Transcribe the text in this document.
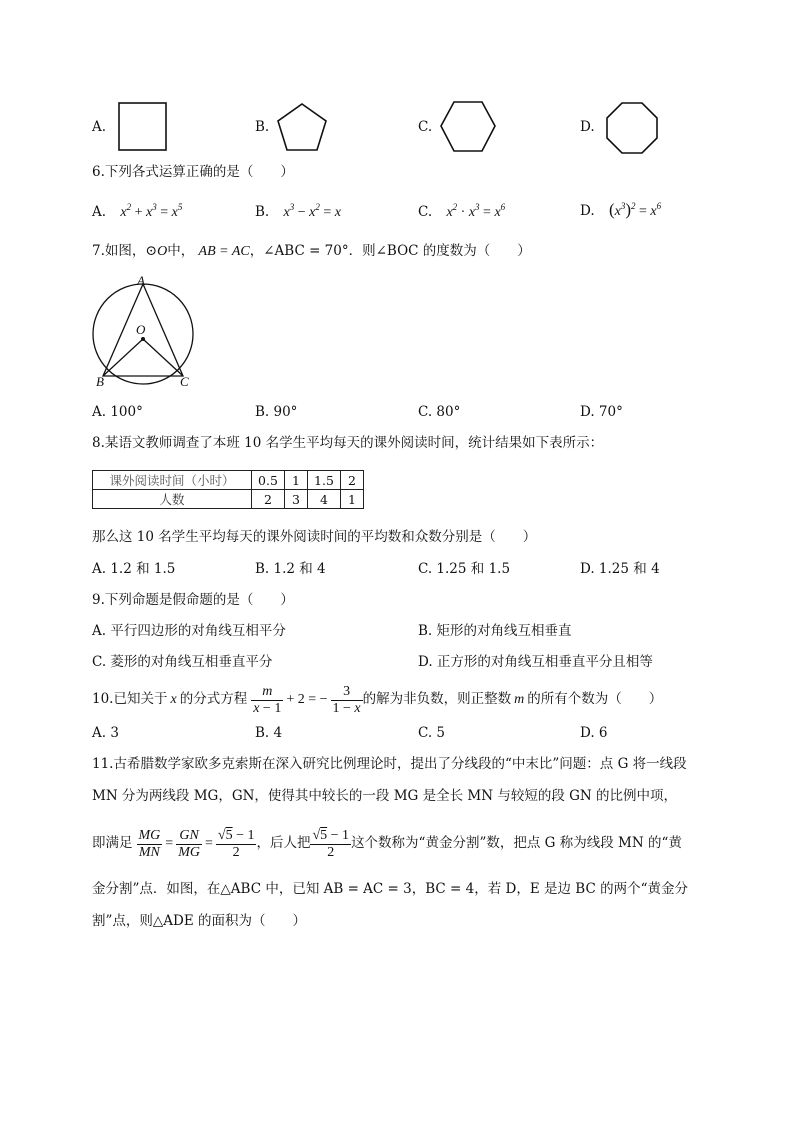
A.	B.	C.	D.
6.下列各式运算正确的是（　　）
A. $x^2 + x^3 = x^5$	B. $x^3 - x^2 = x$	C. $x^2 \cdot x^3 = x^6$	D. $(x^3)^2 = x^6$
7.如图，⊙O中， AB = AC，∠ABC = 70°．则∠BOC 的度数为（　　）
A
O
B	C
A. 100°	B. 90°	C. 80°	D. 70°
8.某语文教师调查了本班 10 名学生平均每天的课外阅读时间，统计结果如下表所示：
课外阅读时间（小时）	0.5	1	1.5	2
人数	2	3	4	1
那么这 10 名学生平均每天的课外阅读时间的平均数和众数分别是（　　）
A. 1.2 和 1.5	B. 1.2 和 4	C. 1.25 和 1.5	D. 1.25 和 4
9.下列命题是假命题的是（　　）
A. 平行四边形的对角线互相平分	B. 矩形的对角线互相垂直
C. 菱形的对角线互相垂直平分	D. 正方形的对角线互相垂直平分且相等
10.已知关于 x 的分式方程 $\frac{m}{x - 1} + 2$ = − $\frac{3}{1 - x}$ 的解为非负数，则正整数 m 的所有个数为（　　）
A. 3	B. 4	C. 5	D. 6
11.古希腊数学家欧多克索斯在深入研究比例理论时，提出了分线段的“中末比”问题：点 G 将一线段
MN 分为两线段 MG，GN，使得其中较长的一段 MG 是全长 MN 与较短的段 GN 的比例中项，
即满足 $\frac{MG}{MN} = \frac{GN}{MG} = \frac{√5 - 1}{2}$ ，后人把 $\frac{√5 - 1}{2}$ 这个数称为“黄金分割”数，把点 G 称为线段 MN 的“黄
金分割”点．如图，在△ABC 中，已知 AB = AC = 3，BC = 4，若 D，E 是边 BC 的两个“黄金分
割”点，则△ADE 的面积为（　　）
